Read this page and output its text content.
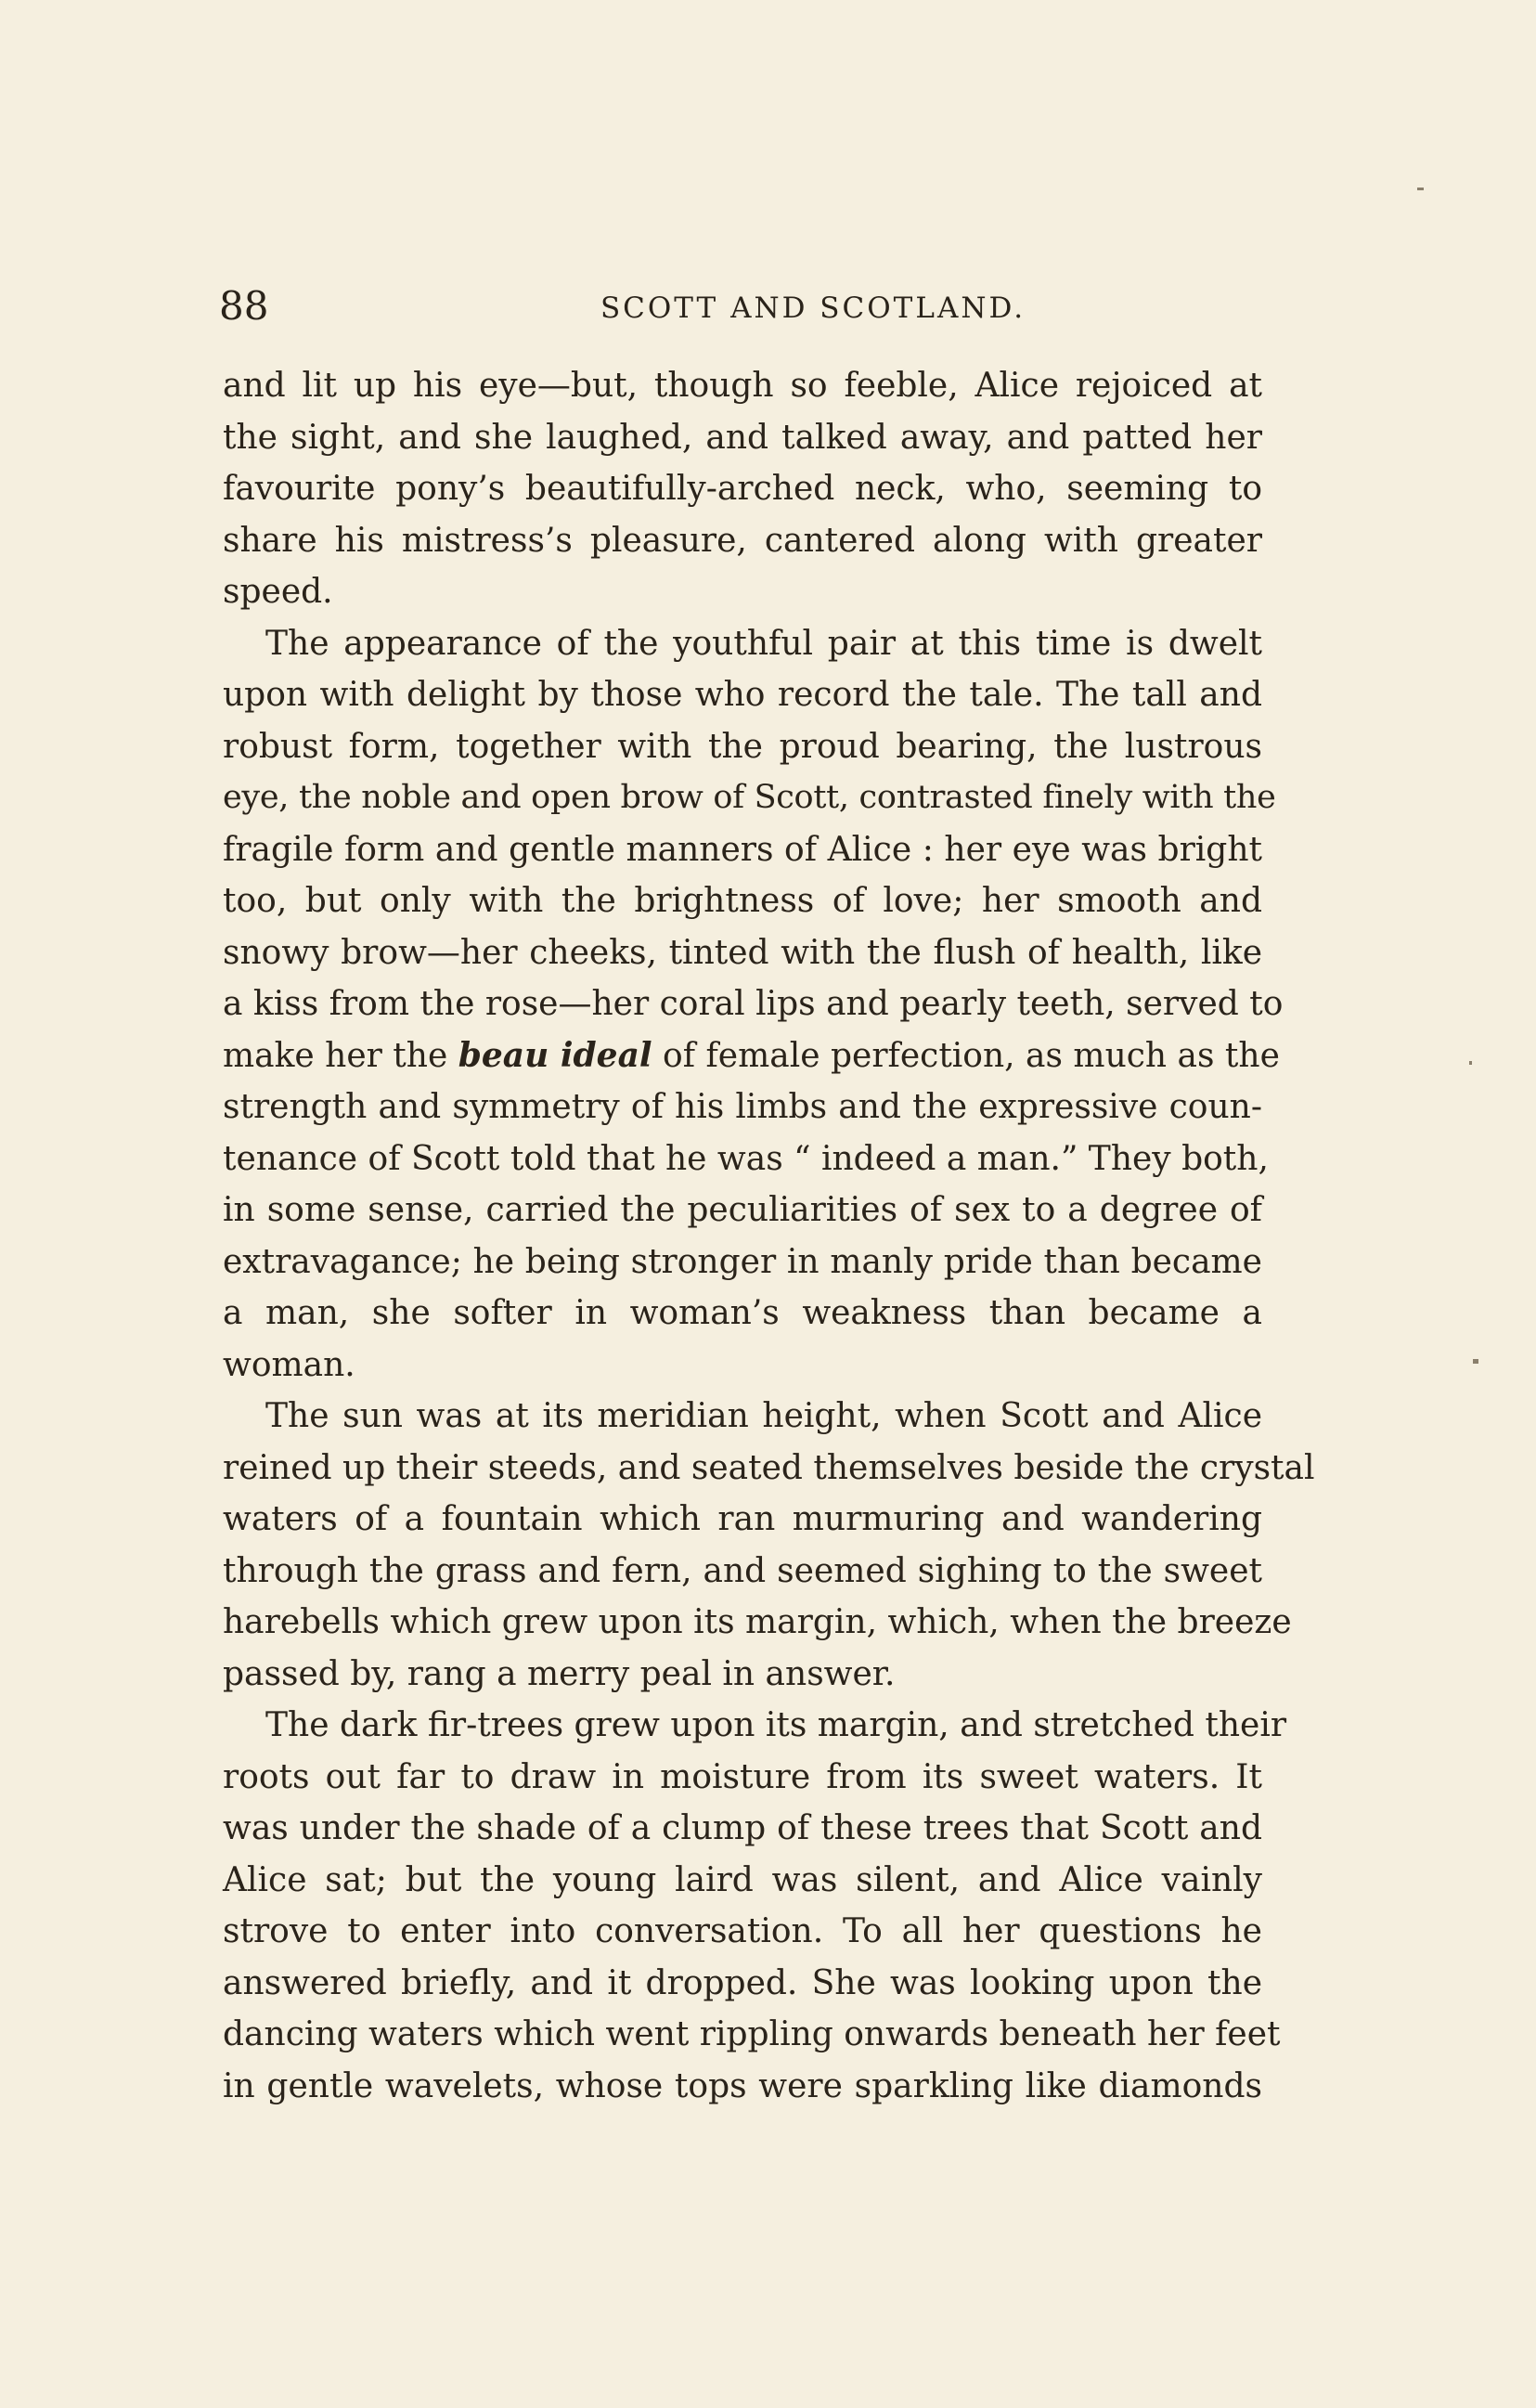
88	SCOTT AND SCOTLAND.
and lit up his eye—but, though so feeble, Alice rejoiced at
the sight, and she laughed, and talked away, and patted her
favourite pony’s beautifully-arched neck, who, seeming to
share his mistress’s pleasure, cantered along with greater
speed.
The appearance of the youthful pair at this time is dwelt
upon with delight by those who record the tale. The tall and
robust form, together with the proud bearing, the lustrous
eye, the noble and open brow of Scott, contrasted finely with the
fragile form and gentle manners of Alice : her eye was bright
too, but only with the brightness of love; her smooth and
snowy brow—her cheeks, tinted with the flush of health, like
a kiss from the rose—her coral lips and pearly teeth, served to
make her the beau ideal of female perfection, as much as the
strength and symmetry of his limbs and the expressive coun-
tenance of Scott told that he was “ indeed a man.” They both,
in some sense, carried the peculiarities of sex to a degree of
extravagance; he being stronger in manly pride than became
a man, she softer in woman’s weakness than became a
woman.
The sun was at its meridian height, when Scott and Alice
reined up their steeds, and seated themselves beside the crystal
waters of a fountain which ran murmuring and wandering
through the grass and fern, and seemed sighing to the sweet
harebells which grew upon its margin, which, when the breeze
passed by, rang a merry peal in answer.
The dark fir-trees grew upon its margin, and stretched their
roots out far to draw in moisture from its sweet waters. It
was under the shade of a clump of these trees that Scott and
Alice sat; but the young laird was silent, and Alice vainly
strove to enter into conversation. To all her questions he
answered briefly, and it dropped. She was looking upon the
dancing waters which went rippling onwards beneath her feet
in gentle wavelets, whose tops were sparkling like diamonds
